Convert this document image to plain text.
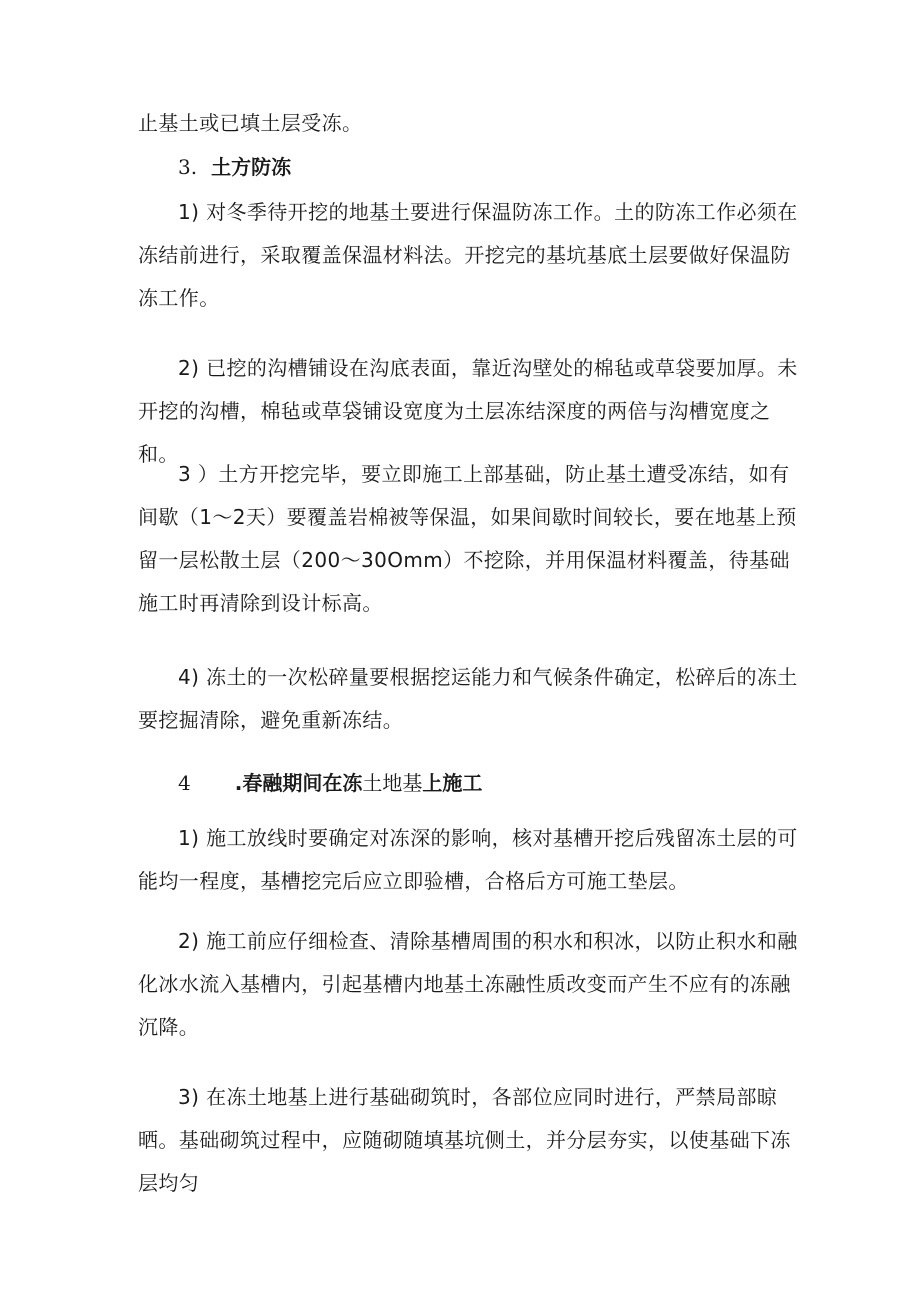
止基土或已填土层受冻。

3. 土方防冻

1) 对冬季待开挖的地基土要进行保温防冻工作。土的防冻工作必须在冻结前进行，采取覆盖保温材料法。开挖完的基坑基底土层要做好保温防冻工作。

2) 已挖的沟槽铺设在沟底表面，靠近沟壁处的棉毡或草袋要加厚。未开挖的沟槽，棉毡或草袋铺设宽度为土层冻结深度的两倍与沟槽宽度之和。

3 ）土方开挖完毕，要立即施工上部基础，防止基土遭受冻结，如有间歇（1〜2天）要覆盖岩棉被等保温，如果间歇时间较长，要在地基上预留一层松散土层（200〜30Omm）不挖除，并用保温材料覆盖，待基础施工时再清除到设计标高。

4) 冻土的一次松碎量要根据挖运能力和气候条件确定，松碎后的冻土要挖掘清除，避免重新冻结。

4 .春融期间在冻土地基上施工

1) 施工放线时要确定对冻深的影响，核对基槽开挖后残留冻土层的可能均一程度，基槽挖完后应立即验槽，合格后方可施工垫层。

2) 施工前应仔细检查、清除基槽周围的积水和积冰，以防止积水和融化冰水流入基槽内，引起基槽内地基土冻融性质改变而产生不应有的冻融沉降。

3) 在冻土地基上进行基础砌筑时，各部位应同时进行，严禁局部晾晒。基础砌筑过程中，应随砌随填基坑侧土，并分层夯实，以使基础下冻层均匀
